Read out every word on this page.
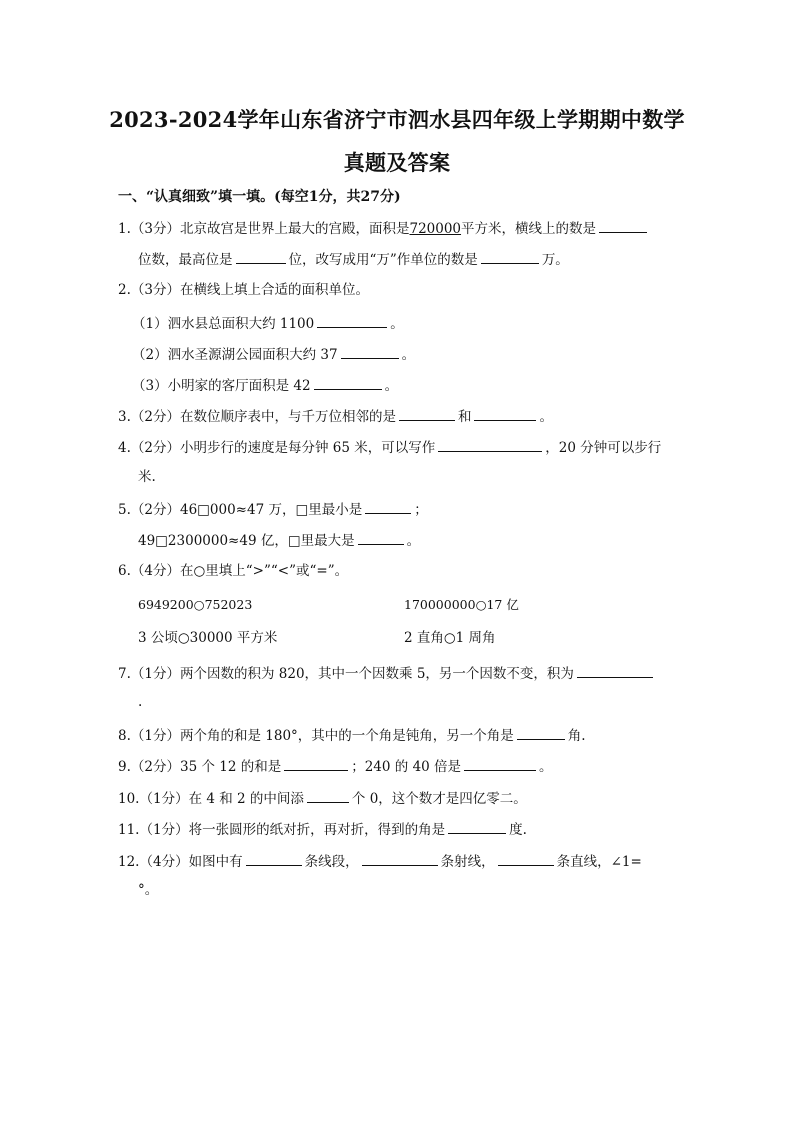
2023-2024学年山东省济宁市泗水县四年级上学期期中数学
真题及答案
一、“认真细致”填一填。(每空1分，共27分)
1.（3分）北京故宫是世界上最大的宫殿，面积是720000平方米，横线上的数是
位数，最高位是	位，改写成用“万”作单位的数是	万。
2.（3分）在横线上填上合适的面积单位。
（1）泗水县总面积大约 1100	。
（2）泗水圣源湖公园面积大约 37	。
（3）小明家的客厅面积是 42	。
3.（2分）在数位顺序表中，与千万位相邻的是	和	。
4.（2分）小明步行的速度是每分钟 65 米，可以写作	，20 分钟可以步行
米.
5.（2分）46□000≈47 万，□里最小是	；
49□2300000≈49 亿，□里最大是	。
6.（4分）在○里填上“>”“<”或“=”。
6949200○752023	170000000○17 亿
3 公顷○30000 平方米	2 直角○1 周角
7.（1分）两个因数的积为 820，其中一个因数乘 5，另一个因数不变，积为
.
8.（1分）两个角的和是 180°，其中的一个角是钝角，另一个角是	角.
9.（2分）35 个 12 的和是	；240 的 40 倍是	。
10.（1分）在 4 和 2 的中间添	个 0，这个数才是四亿零二。
11.（1分）将一张圆形的纸对折，再对折，得到的角是	度.
12.（4分）如图中有	条线段，	条射线，	条直线，∠1=
°。
